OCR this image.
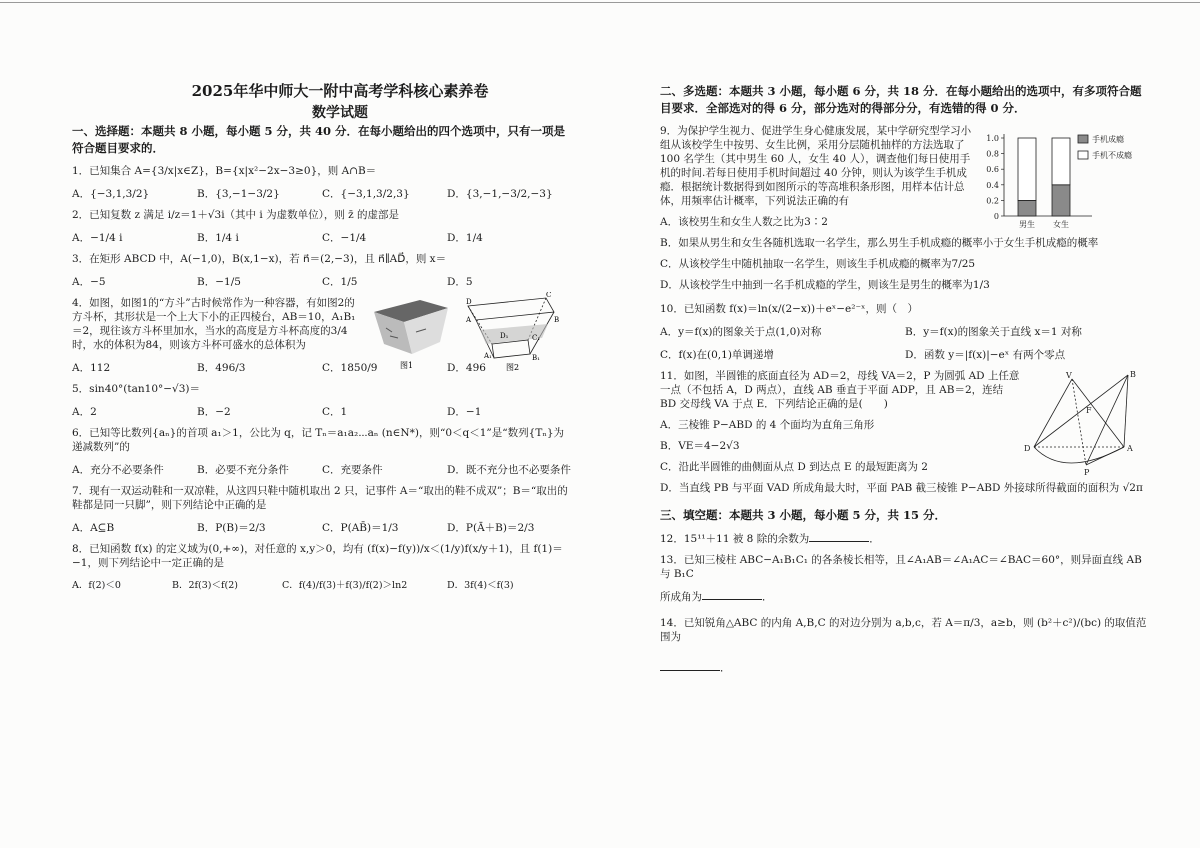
2025年华中师大一附中高考学科核心素养卷
数学试题
一、选择题：本题共 8 小题，每小题 5 分，共 40 分．在每小题给出的四个选项中，只有一项是符合题目要求的．
1．已知集合 A={3/x|x∈Z}，B={x|x²−2x−3≥0}，则 A∩B＝
A．{−3,1,3/2}	B．{3,−1−3/2}	C．{−3,1,3/2,3}	D．{3,−1,−3/2,−3}
2．已知复数 z 满足 i/z＝1＋√3i（其中 i 为虚数单位），则 z̄ 的虚部是
A．−1/4 i	B．1/4 i	C．−1/4	D．1/4
3．在矩形 ABCD 中，A(−1,0)，B(x,1−x)，若 n⃗＝(2,−3)，且 n⃗∥AD⃗，则 x＝
A．−5	B．−1/5	C．1/5	D．5
4．如图，如图1的“方斗”古时候常作为一种容器，有如图2的方斗杯，其形状是一个上大下小的正四棱台，AB＝10，A₁B₁＝2，现往该方斗杯里加水，当水的高度是方斗杯高度的3/4时，水的体积为84，则该方斗杯可盛水的总体积为
A．112	B．496/3	C．1850/9	D．496
图1
D
C
A	B
D₁	C₁
A₁	B₁
图2
5．sin40°(tan10°−√3)＝
A．2	B．−2	C．1	D．−1
6．已知等比数列{aₙ}的首项 a₁＞1，公比为 q，记 Tₙ＝a₁a₂⋯aₙ (n∈N*)，则“0＜q＜1”是“数列{Tₙ}为递减数列”的
A．充分不必要条件	B．必要不充分条件	C．充要条件	D．既不充分也不必要条件
7．现有一双运动鞋和一双凉鞋，从这四只鞋中随机取出 2 只，记事件 A＝“取出的鞋不成双”；B＝“取出的鞋都是同一只脚”，则下列结论中正确的是
A．A⊆B	B．P(B)＝2/3	C．P(AB̄)＝1/3	D．P(Ā＋B)＝2/3
8．已知函数 f(x) 的定义域为(0,+∞)，对任意的 x,y＞0，均有 (f(x)−f(y))/x＜(1/y)f(x/y＋1)，且 f(1)＝−1，则下列结论中一定正确的是
A．f(2)＜0	B．2f(3)＜f(2)	C．f(4)/f(3)＋f(3)/f(2)＞ln2	D．3f(4)＜f(3)
二、多选题：本题共 3 小题，每小题 6 分，共 18 分．在每小题给出的选项中，有多项符合题目要求．全部选对的得 6 分，部分选对的得部分分，有选错的得 0 分．
9．为保护学生视力、促进学生身心健康发展，某中学研究型学习小组从该校学生中按男、女生比例，采用分层随机抽样的方法选取了100 名学生（其中男生 60 人，女生 40 人），调查他们每日使用手机的时间.若每日使用手机时间超过 40 分钟，则认为该学生手机成瘾．根据统计数据得到如图所示的等高堆积条形图，用样本估计总体，用频率估计概率，下列说法正确的有
0
0.2
0.4
0.6
0.8
1.0
男生 女生
手机成瘾
手机不成瘾
A．该校男生和女生人数之比为3∶2
B．如果从男生和女生各随机选取一名学生，那么男生手机成瘾的概率小于女生手机成瘾的概率
C．从该校学生中随机抽取一名学生，则该生手机成瘾的概率为7/25
D．从该校学生中抽到一名手机成瘾的学生，则该生是男生的概率为1/3
10．已知函数 f(x)＝ln(x/(2−x))＋eˣ−e²⁻ˣ，则（　）
A．y＝f(x)的图象关于点(1,0)对称	B．y＝f(x)的图象关于直线 x＝1 对称
C．f(x)在(0,1)单调递增	D．函数 y＝|f(x)|−eˣ 有两个零点
11．如图，半圆锥的底面直径为 AD＝2，母线 VA＝2，P 为圆弧 AD 上任意一点（不包括 A，D 两点），直线 AB 垂直于平面 ADP，且 AB＝2，连结 BD 交母线 VA 于点 E．下列结论正确的是(　　)
V	B
F
D	A
P
A．三棱锥 P−ABD 的 4 个面均为直角三角形
B．VE＝4−2√3
C．沿此半圆锥的曲侧面从点 D 到达点 E 的最短距离为 2
D．当直线 PB 与平面 VAD 所成角最大时，平面 PAB 截三棱锥 P−ABD 外接球所得截面的面积为 √2π
三、填空题：本题共 3 小题，每小题 5 分，共 15 分．
12．15¹¹＋11 被 8 除的余数为	．
13．已知三棱柱 ABC−A₁B₁C₁ 的各条棱长相等，且∠A₁AB＝∠A₁AC＝∠BAC＝60°，则异面直线 AB 与 B₁C
所成角为	．
14．已知锐角△ABC 的内角 A,B,C 的对边分别为 a,b,c，若 A＝π/3，a≥b，则 (b²＋c²)/(bc) 的取值范围为
．
